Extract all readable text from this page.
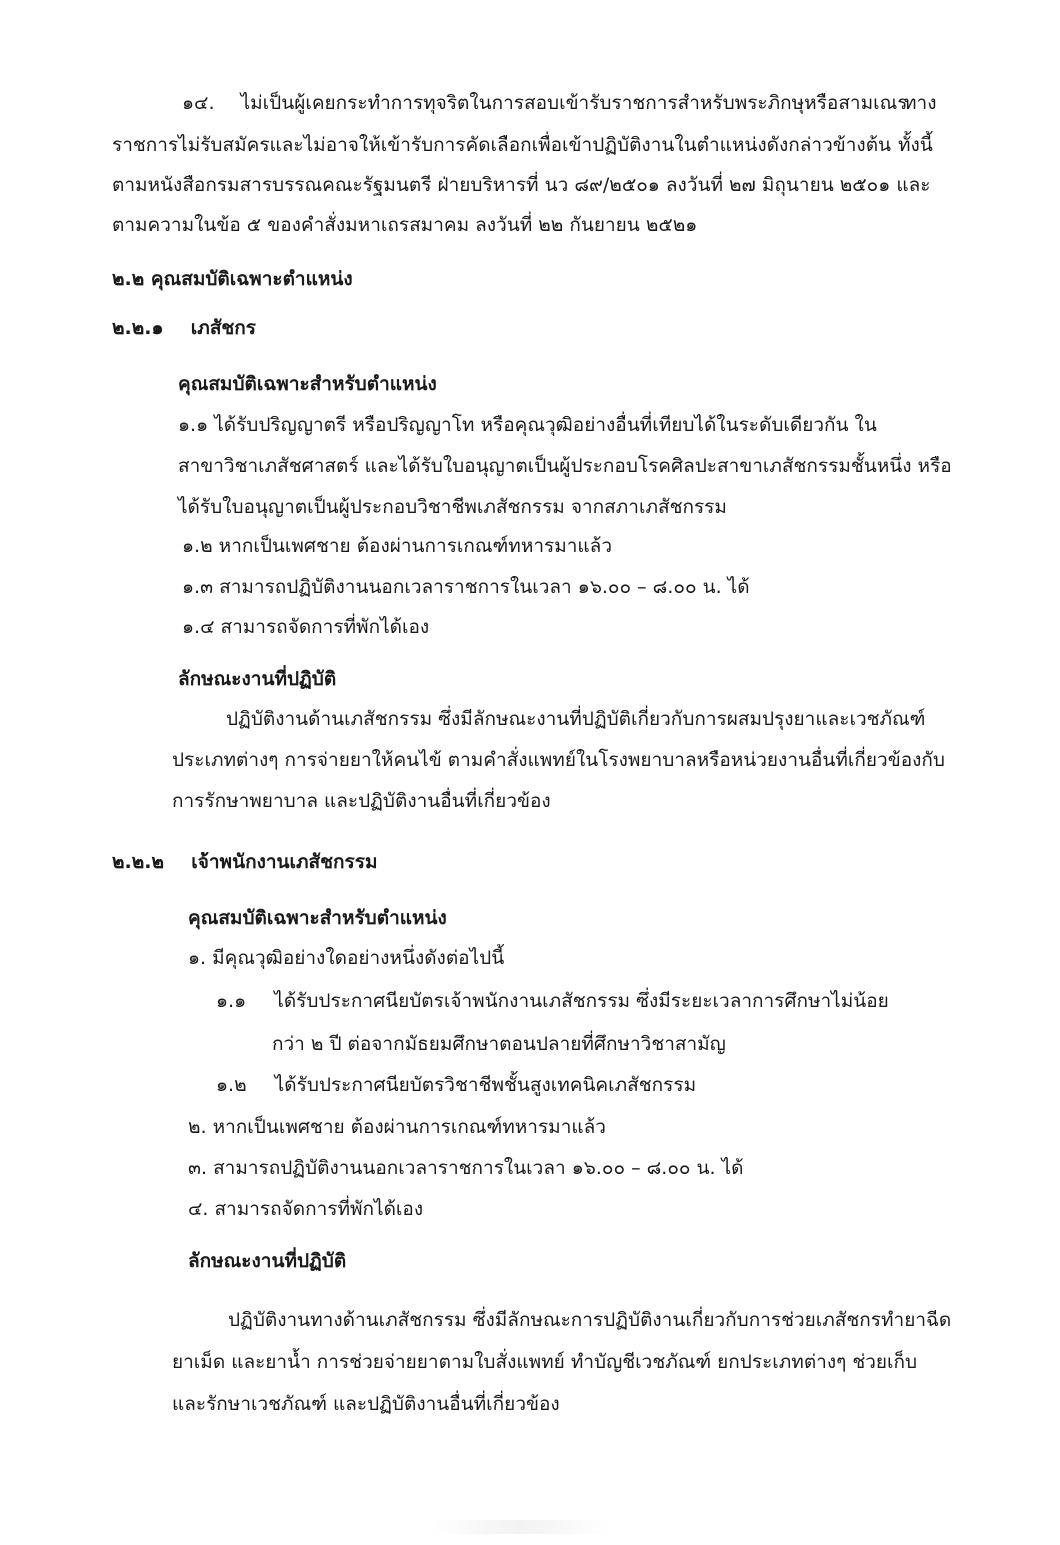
๑๔. ไม่เป็นผู้เคยกระทำการทุจริตในการสอบเข้ารับราชการสำหรับพระภิกษุหรือสามเณร
ทาง
ราชการไม่รับสมัครและไม่อาจให้เข้ารับการคัดเลือกเพื่อเข้าปฏิบัติงานในตำแหน่งดังกล่าวข้างต้น ทั้งนี้
ตามหนังสือกรมสารบรรณคณะรัฐมนตรี ฝ่ายบริหารที่ นว ๘๙/๒๕๐๑ ลงวันที่ ๒๗ มิถุนายน ๒๕๐๑ และ
ตามความในข้อ ๕ ของคำสั่งมหาเถรสมาคม ลงวันที่ ๒๒ กันยายน ๒๕๒๑
๒.๒ คุณสมบัติเฉพาะตำแหน่ง
๒.๒.๑ เภสัชกร
คุณสมบัติเฉพาะสำหรับตำแหน่ง
๑.๑ ได้รับปริญญาตรี หรือปริญญาโท หรือคุณวุฒิอย่างอื่นที่เทียบได้ในระดับเดียวกัน ใน
สาขาวิชาเภสัชศาสตร์ และได้รับใบอนุญาตเป็นผู้ประกอบโรคศิลปะสาขาเภสัชกรรมชั้นหนึ่ง หรือ
ได้รับใบอนุญาตเป็นผู้ประกอบวิชาชีพเภสัชกรรม จากสภาเภสัชกรรม
๑.๒ หากเป็นเพศชาย ต้องผ่านการเกณฑ์ทหารมาแล้ว
๑.๓ สามารถปฏิบัติงานนอกเวลาราชการในเวลา ๑๖.๐๐ – ๘.๐๐ น. ได้
๑.๔ สามารถจัดการที่พักได้เอง
ลักษณะงานที่ปฏิบัติ
ปฏิบัติงานด้านเภสัชกรรม ซึ่งมีลักษณะงานที่ปฏิบัติเกี่ยวกับการผสมปรุงยาและเวชภัณฑ์
ประเภทต่างๆ การจ่ายยาให้คนไข้ ตามคำสั่งแพทย์ในโรงพยาบาลหรือหน่วยงานอื่นที่เกี่ยวข้องกับ
การรักษาพยาบาล และปฏิบัติงานอื่นที่เกี่ยวข้อง
๒.๒.๒ เจ้าพนักงานเภสัชกรรม
คุณสมบัติเฉพาะสำหรับตำแหน่ง
๑. มีคุณวุฒิอย่างใดอย่างหนึ่งดังต่อไปนี้
๑.๑ ได้รับประกาศนียบัตรเจ้าพนักงานเภสัชกรรม ซึ่งมีระยะเวลาการศึกษาไม่น้อย
กว่า ๒ ปี ต่อจากมัธยมศึกษาตอนปลายที่ศึกษาวิชาสามัญ
๑.๒ ได้รับประกาศนียบัตรวิชาชีพชั้นสูงเทคนิคเภสัชกรรม
๒. หากเป็นเพศชาย ต้องผ่านการเกณฑ์ทหารมาแล้ว
๓. สามารถปฏิบัติงานนอกเวลาราชการในเวลา ๑๖.๐๐ – ๘.๐๐ น. ได้
๔. สามารถจัดการที่พักได้เอง
ลักษณะงานที่ปฏิบัติ
ปฏิบัติงานทางด้านเภสัชกรรม ซึ่งมีลักษณะการปฏิบัติงานเกี่ยวกับการช่วยเภสัชกรทำยาฉีด
ยาเม็ด และยาน้ำ การช่วยจ่ายยาตามใบสั่งแพทย์ ทำบัญชีเวชภัณฑ์ ยกประเภทต่างๆ ช่วยเก็บ
และรักษาเวชภัณฑ์ และปฏิบัติงานอื่นที่เกี่ยวข้อง
